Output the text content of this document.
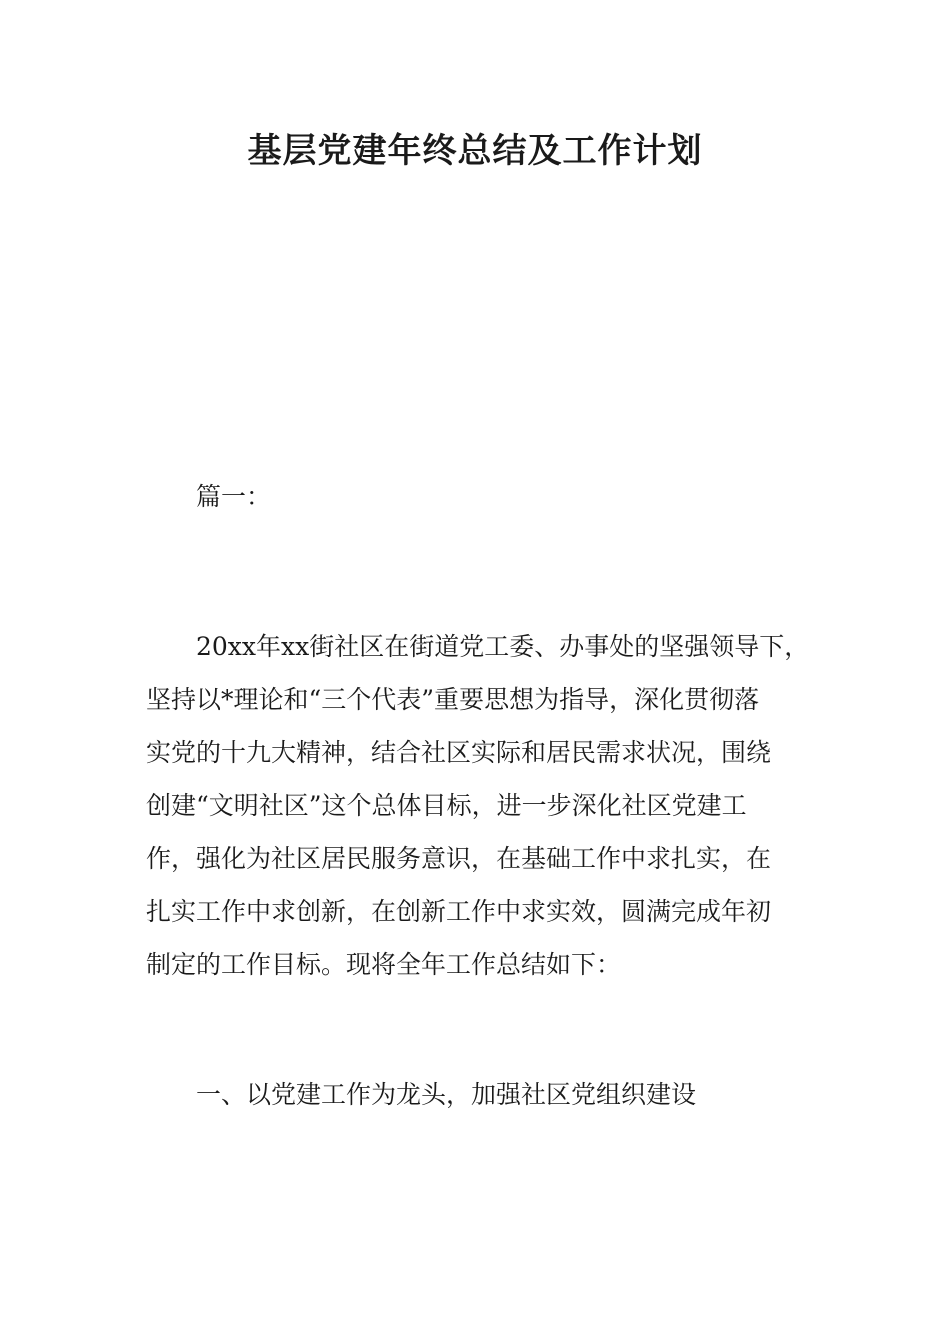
基层党建年终总结及工作计划

篇一：

20xx年xx街社区在街道党工委、办事处的坚强领导下，
坚持以*理论和“三个代表”重要思想为指导，深化贯彻落
实党的十九大精神，结合社区实际和居民需求状况，围绕
创建“文明社区”这个总体目标，进一步深化社区党建工
作，强化为社区居民服务意识，在基础工作中求扎实，在
扎实工作中求创新，在创新工作中求实效，圆满完成年初
制定的工作目标。现将全年工作总结如下：

一、以党建工作为龙头，加强社区党组织建设
